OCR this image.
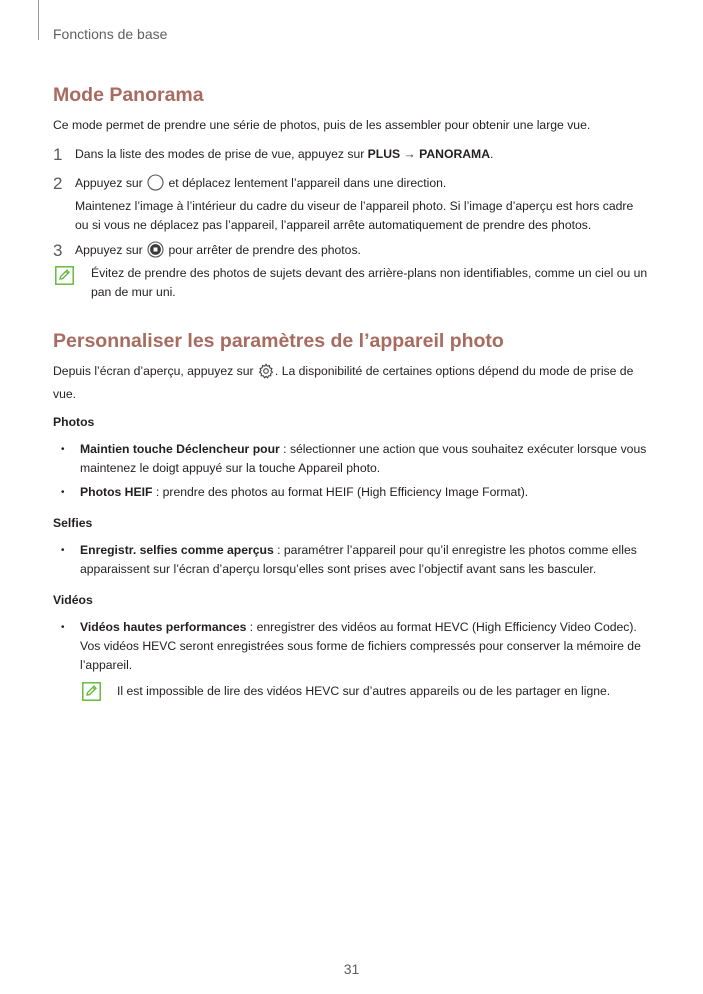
Fonctions de base
Mode Panorama
Ce mode permet de prendre une série de photos, puis de les assembler pour obtenir une large vue.
1 Dans la liste des modes de prise de vue, appuyez sur PLUS → PANORAMA.
2 Appuyez sur  et déplacez lentement l’appareil dans une direction.
Maintenez l’image à l’intérieur du cadre du viseur de l’appareil photo. Si l’image d’aperçu est hors cadre ou si vous ne déplacez pas l’appareil, l’appareil arrête automatiquement de prendre des photos.
3 Appuyez sur  pour arrêter de prendre des photos.
Évitez de prendre des photos de sujets devant des arrière-plans non identifiables, comme un ciel ou un pan de mur uni.
Personnaliser les paramètres de l’appareil photo
Depuis l’écran d’aperçu, appuyez sur . La disponibilité de certaines options dépend du mode de prise de vue.
Photos
• Maintien touche Déclencheur pour : sélectionner une action que vous souhaitez exécuter lorsque vous maintenez le doigt appuyé sur la touche Appareil photo.
• Photos HEIF : prendre des photos au format HEIF (High Efficiency Image Format).
Selfies
• Enregistr. selfies comme aperçus : paramétrer l’appareil pour qu’il enregistre les photos comme elles apparaissent sur l’écran d’aperçu lorsqu’elles sont prises avec l’objectif avant sans les basculer.
Vidéos
• Vidéos hautes performances : enregistrer des vidéos au format HEVC (High Efficiency Video Codec). Vos vidéos HEVC seront enregistrées sous forme de fichiers compressés pour conserver la mémoire de l’appareil.
Il est impossible de lire des vidéos HEVC sur d’autres appareils ou de les partager en ligne.
31
